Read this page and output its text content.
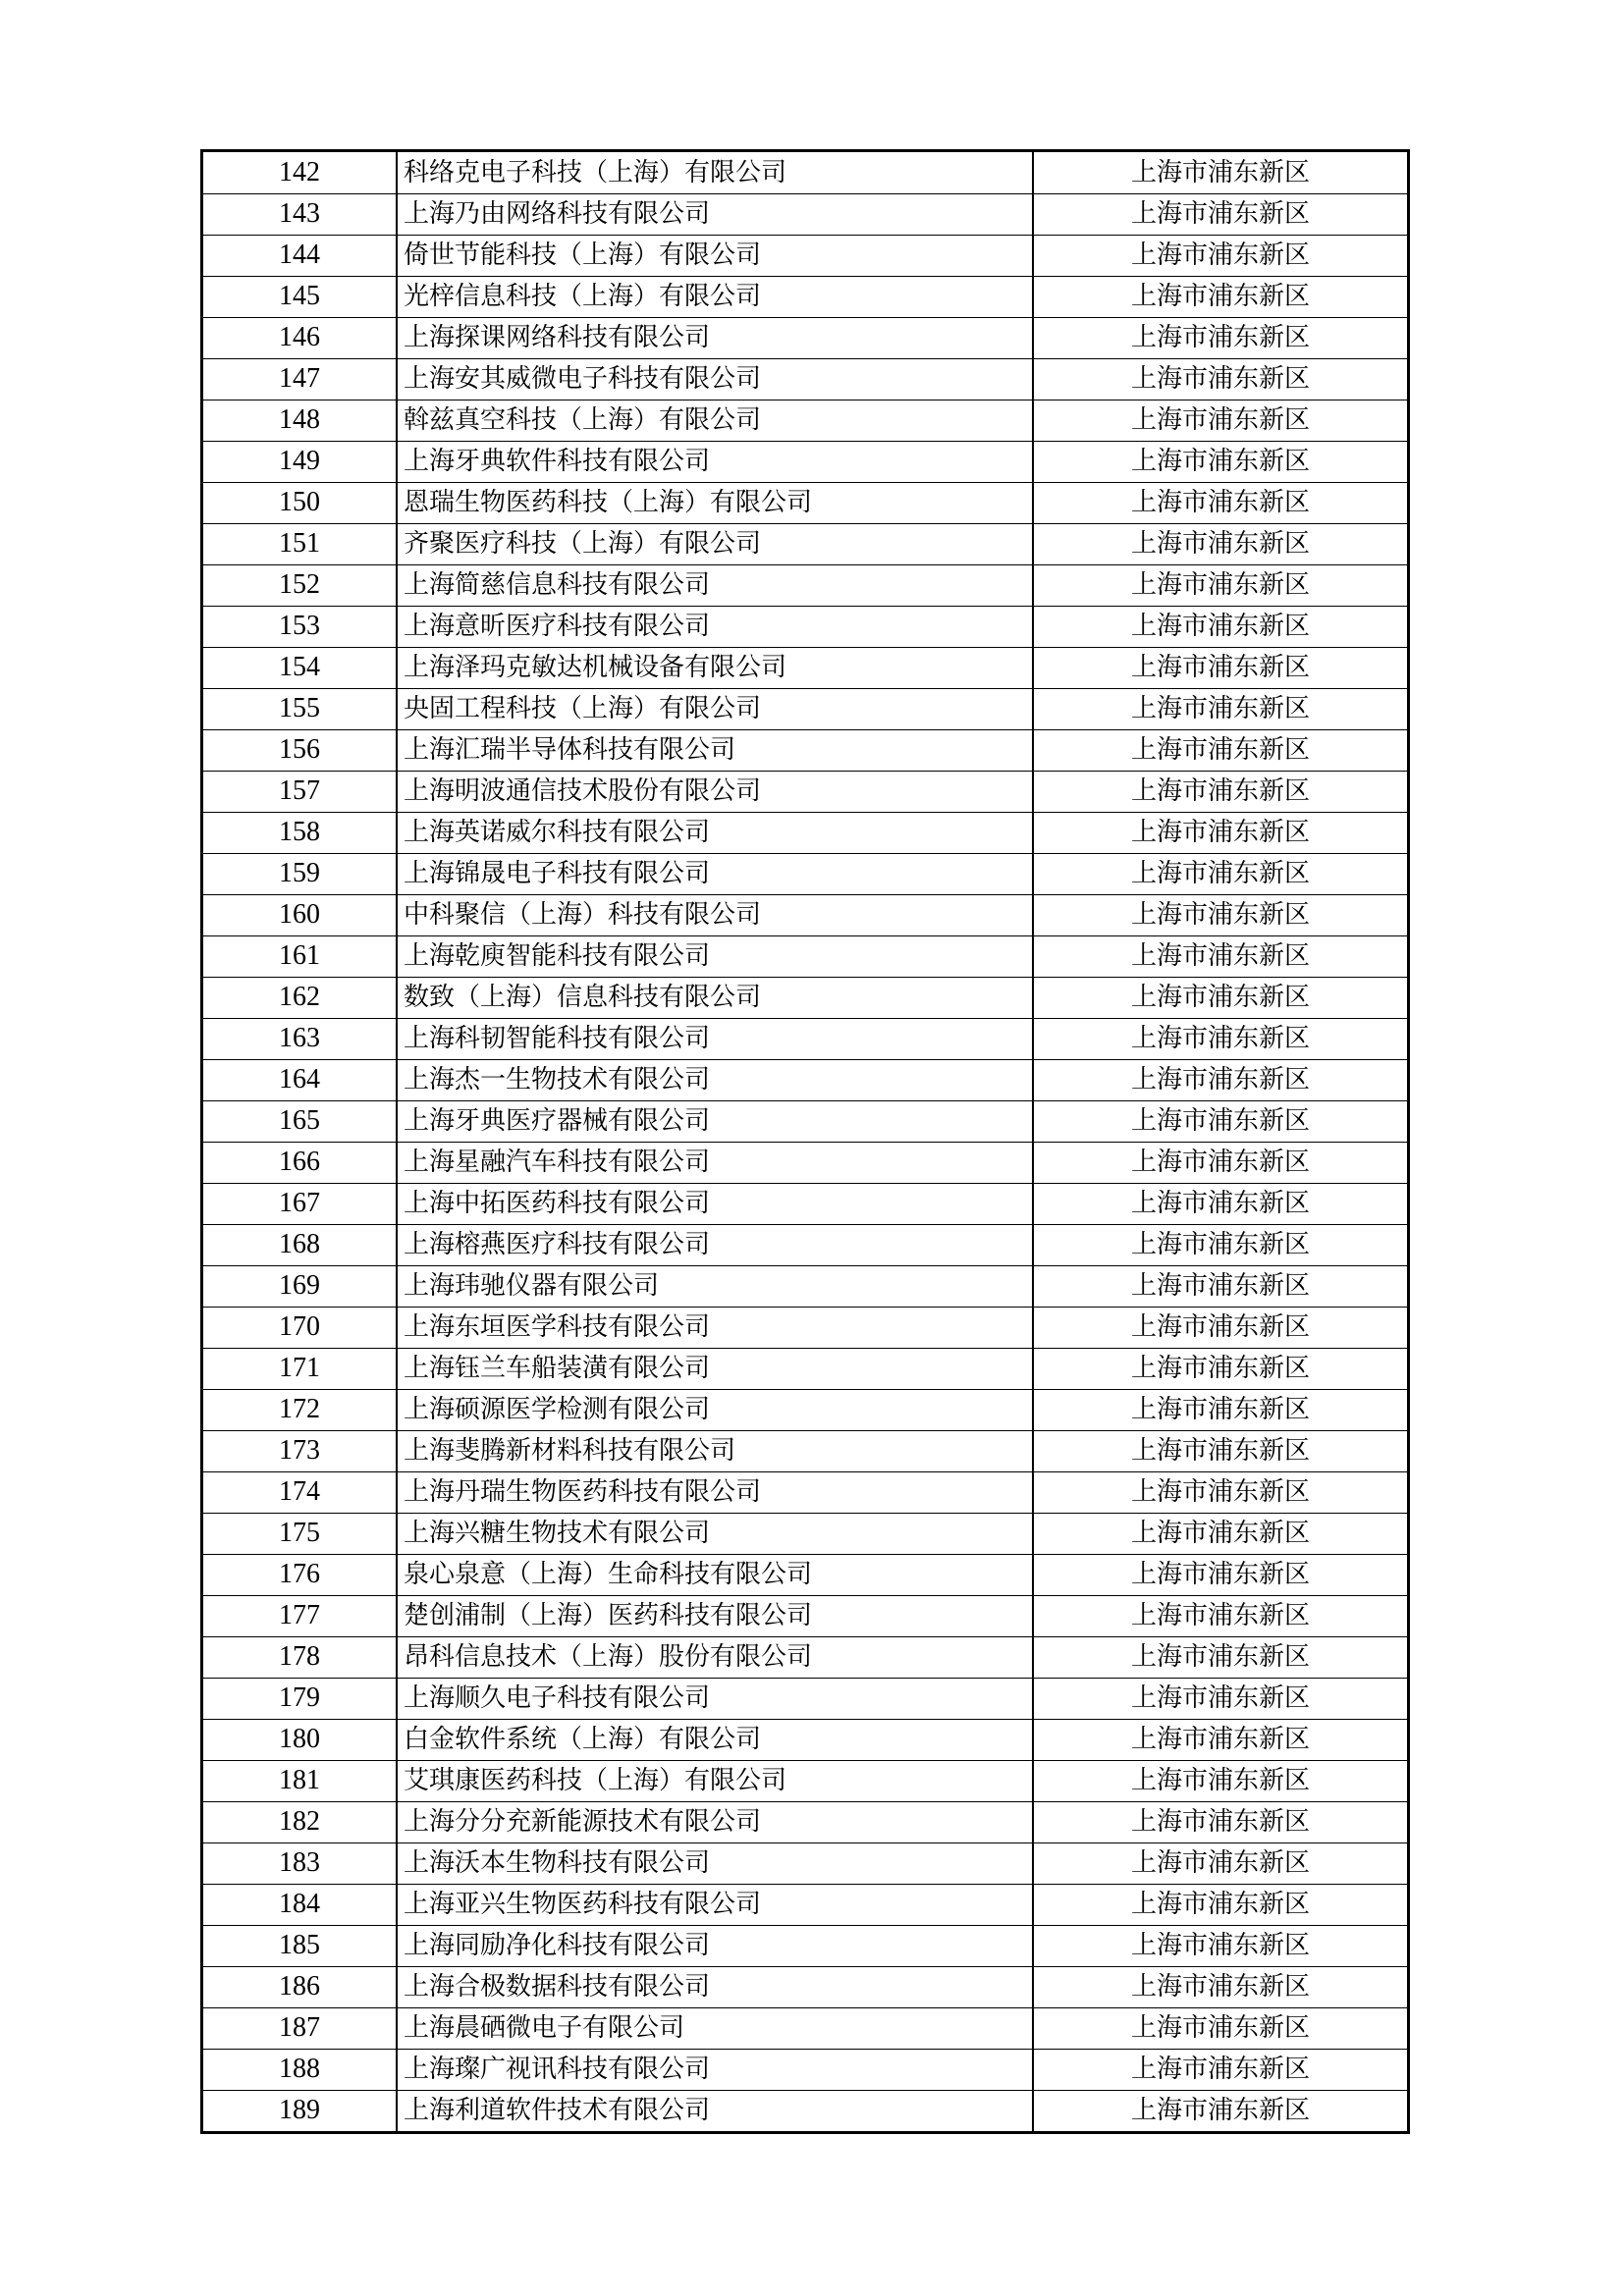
142	科络克电子科技（上海）有限公司	上海市浦东新区
143	上海乃由网络科技有限公司	上海市浦东新区
144	倚世节能科技（上海）有限公司	上海市浦东新区
145	光梓信息科技（上海）有限公司	上海市浦东新区
146	上海探课网络科技有限公司	上海市浦东新区
147	上海安其威微电子科技有限公司	上海市浦东新区
148	斡兹真空科技（上海）有限公司	上海市浦东新区
149	上海牙典软件科技有限公司	上海市浦东新区
150	恩瑞生物医药科技（上海）有限公司	上海市浦东新区
151	齐聚医疗科技（上海）有限公司	上海市浦东新区
152	上海简慈信息科技有限公司	上海市浦东新区
153	上海意昕医疗科技有限公司	上海市浦东新区
154	上海泽玛克敏达机械设备有限公司	上海市浦东新区
155	央固工程科技（上海）有限公司	上海市浦东新区
156	上海汇瑞半导体科技有限公司	上海市浦东新区
157	上海明波通信技术股份有限公司	上海市浦东新区
158	上海英诺威尔科技有限公司	上海市浦东新区
159	上海锦晟电子科技有限公司	上海市浦东新区
160	中科聚信（上海）科技有限公司	上海市浦东新区
161	上海乾庾智能科技有限公司	上海市浦东新区
162	数致（上海）信息科技有限公司	上海市浦东新区
163	上海科韧智能科技有限公司	上海市浦东新区
164	上海杰一生物技术有限公司	上海市浦东新区
165	上海牙典医疗器械有限公司	上海市浦东新区
166	上海星融汽车科技有限公司	上海市浦东新区
167	上海中拓医药科技有限公司	上海市浦东新区
168	上海榕燕医疗科技有限公司	上海市浦东新区
169	上海玮驰仪器有限公司	上海市浦东新区
170	上海东垣医学科技有限公司	上海市浦东新区
171	上海钰兰车船装潢有限公司	上海市浦东新区
172	上海硕源医学检测有限公司	上海市浦东新区
173	上海斐腾新材料科技有限公司	上海市浦东新区
174	上海丹瑞生物医药科技有限公司	上海市浦东新区
175	上海兴糖生物技术有限公司	上海市浦东新区
176	泉心泉意（上海）生命科技有限公司	上海市浦东新区
177	楚创浦制（上海）医药科技有限公司	上海市浦东新区
178	昂科信息技术（上海）股份有限公司	上海市浦东新区
179	上海顺久电子科技有限公司	上海市浦东新区
180	白金软件系统（上海）有限公司	上海市浦东新区
181	艾琪康医药科技（上海）有限公司	上海市浦东新区
182	上海分分充新能源技术有限公司	上海市浦东新区
183	上海沃本生物科技有限公司	上海市浦东新区
184	上海亚兴生物医药科技有限公司	上海市浦东新区
185	上海同励净化科技有限公司	上海市浦东新区
186	上海合极数据科技有限公司	上海市浦东新区
187	上海晨硒微电子有限公司	上海市浦东新区
188	上海璨广视讯科技有限公司	上海市浦东新区
189	上海利道软件技术有限公司	上海市浦东新区
